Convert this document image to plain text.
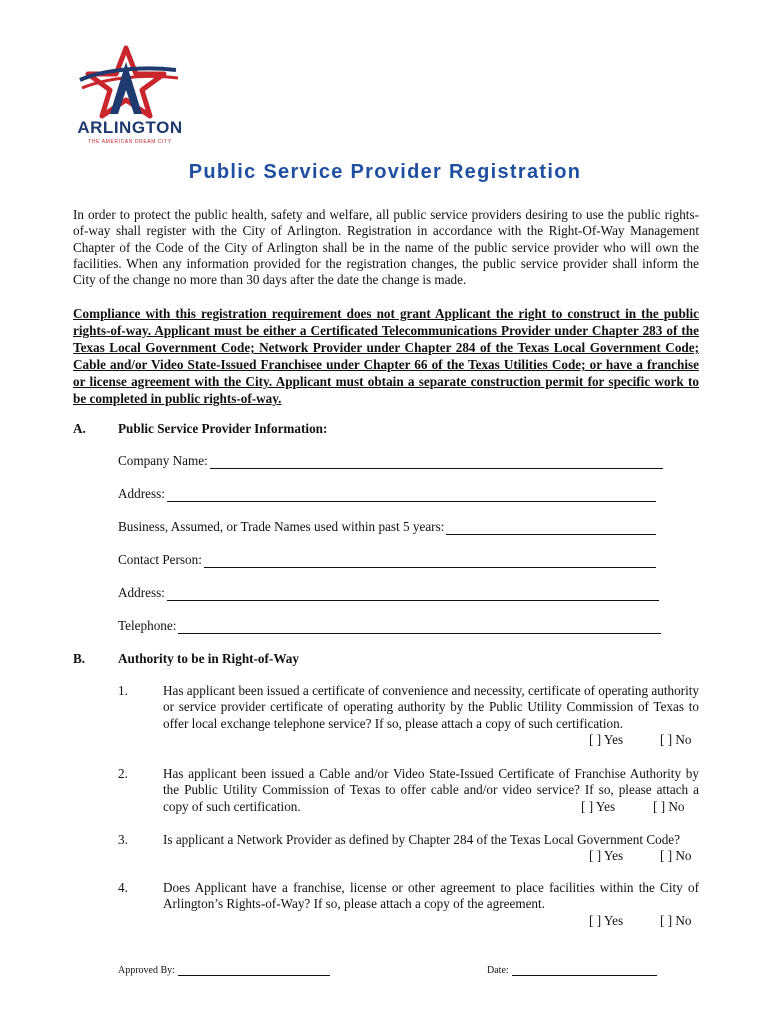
ARLINGTON
THE AMERICAN DREAM CITY
Public Service Provider Registration

In order to protect the public health, safety and welfare, all public service providers desiring to use the public rights-of-way shall register with the City of Arlington. Registration in accordance with the Right-Of-Way Management Chapter of the Code of the City of Arlington shall be in the name of the public service provider who will own the facilities. When any information provided for the registration changes, the public service provider shall inform the City of the change no more than 30 days after the date the change is made.

Compliance with this registration requirement does not grant Applicant the right to construct in the public rights-of-way. Applicant must be either a Certificated Telecommunications Provider under Chapter 283 of the Texas Local Government Code; Network Provider under Chapter 284 of the Texas Local Government Code; Cable and/or Video State-Issued Franchisee under Chapter 66 of the Texas Utilities Code; or have a franchise or license agreement with the City. Applicant must obtain a separate construction permit for specific work to be completed in public rights-of-way.

A. Public Service Provider Information:
Company Name:
Address:
Business, Assumed, or Trade Names used within past 5 years:
Contact Person:
Address:
Telephone:
B. Authority to be in Right-of-Way
1.	Has applicant been issued a certificate of convenience and necessity, certificate of operating authority or service provider certificate of operating authority by the Public Utility Commission of Texas to offer local exchange telephone service? If so, please attach a copy of such certification.

[ ] Yes	[ ] No
2.	Has applicant been issued a Cable and/or Video State-Issued Certificate of Franchise Authority by the Public Utility Commission of Texas to offer cable and/or video service? If so, please attach a copy of such certification.	[ ] Yes	[ ] No
3.	Is applicant a Network Provider as defined by Chapter 284 of the Texas Local Government Code?

[ ] Yes	[ ] No
4.	Does Applicant have a franchise, license or other agreement to place facilities within the City of Arlington’s Rights-of-Way? If so, please attach a copy of the agreement.

[ ] Yes	[ ] No
Approved By:	Date:
